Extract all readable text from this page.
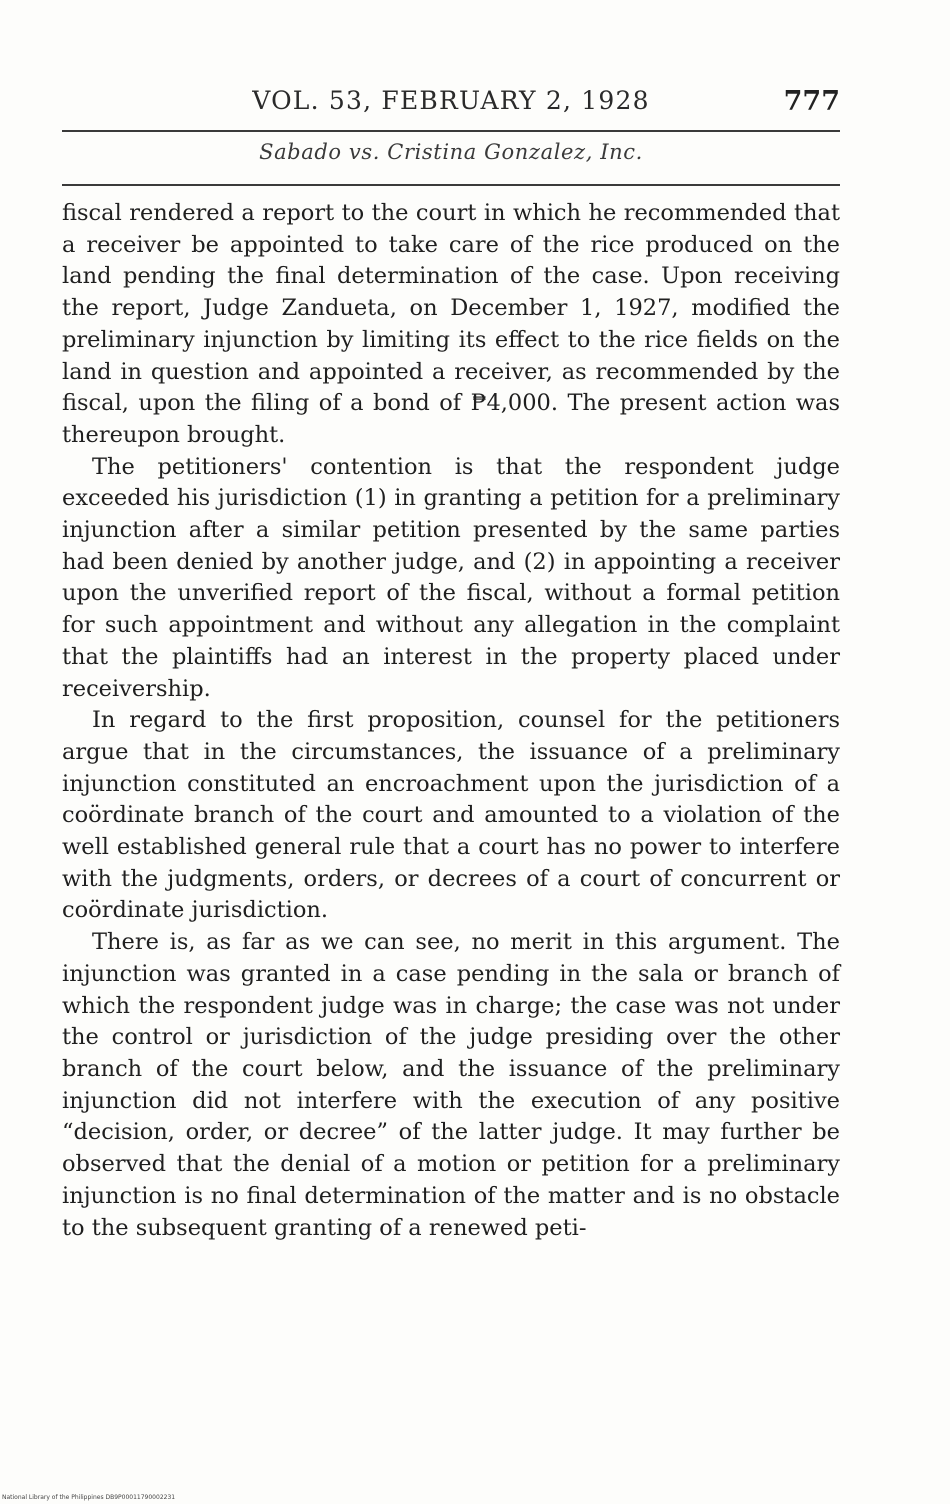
VOL. 53, FEBRUARY 2, 1928	777
Sabado vs. Cristina Gonzalez, Inc.

fiscal rendered a report to the court in which he recommended that a receiver be appointed to take care of the rice produced on the land pending the final determination of the case. Upon receiving the report, Judge Zandueta, on December 1, 1927, modified the preliminary injunction by limiting its effect to the rice fields on the land in question and appointed a receiver, as recommended by the fiscal, upon the filing of a bond of ₱4,000. The present action was thereupon brought.

The petitioners' contention is that the respondent judge exceeded his jurisdiction (1) in granting a petition for a preliminary injunction after a similar petition presented by the same parties had been denied by another judge, and (2) in appointing a receiver upon the unverified report of the fiscal, without a formal petition for such appointment and without any allegation in the complaint that the plaintiffs had an interest in the property placed under receivership.

In regard to the first proposition, counsel for the petitioners argue that in the circumstances, the issuance of a preliminary injunction constituted an encroachment upon the jurisdiction of a coördinate branch of the court and amounted to a violation of the well established general rule that a court has no power to interfere with the judgments, orders, or decrees of a court of concurrent or coördinate jurisdiction.

There is, as far as we can see, no merit in this argument. The injunction was granted in a case pending in the sala or branch of which the respondent judge was in charge; the case was not under the control or jurisdiction of the judge presiding over the other branch of the court below, and the issuance of the preliminary injunction did not interfere with the execution of any positive “decision, order, or decree” of the latter judge. It may further be observed that the denial of a motion or petition for a preliminary injunction is no final determination of the matter and is no obstacle to the subsequent granting of a renewed peti-

National Library of the Philippines DB9P00011790002231
